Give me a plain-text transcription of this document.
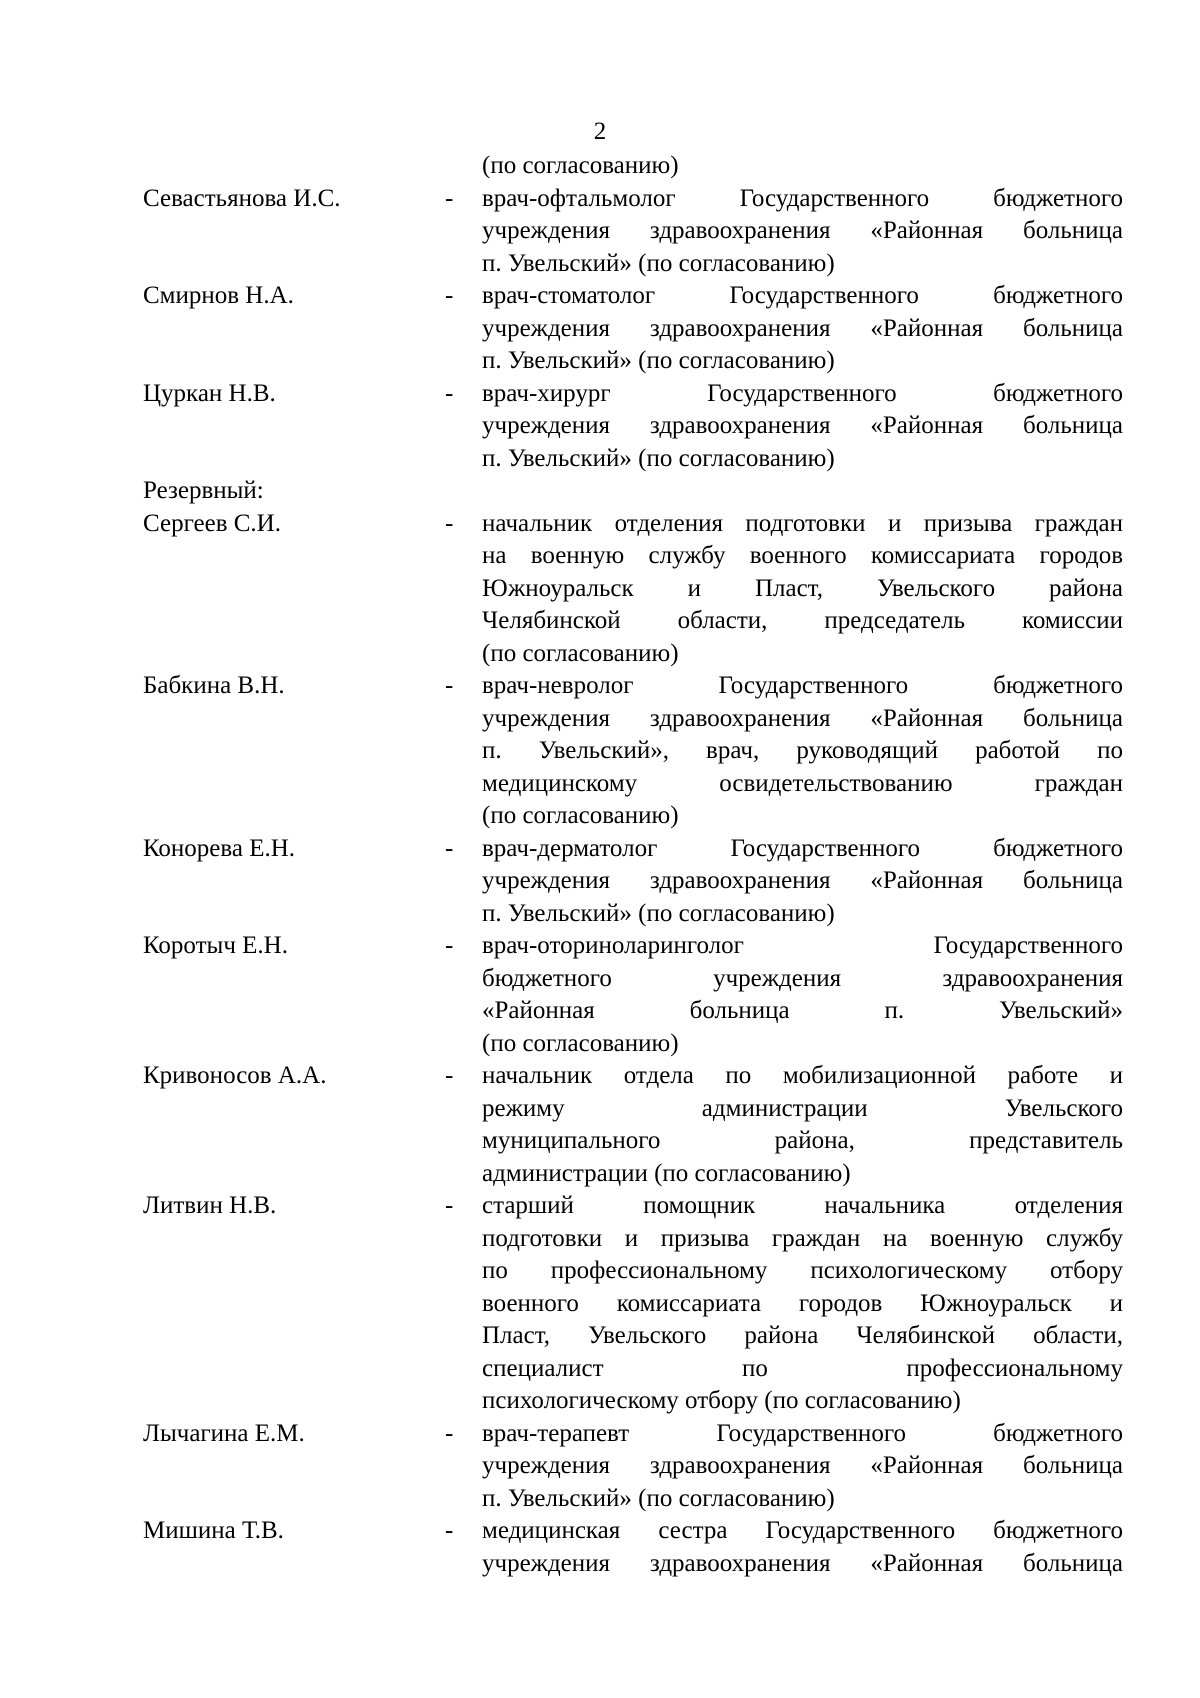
2
(по согласованию)
Севастьянова И.С.	-	врач-офтальмолог Государственного бюджетного
учреждения здравоохранения «Районная больница
п. Увельский» (по согласованию)
Смирнов Н.А.	-	врач-стоматолог Государственного бюджетного
учреждения здравоохранения «Районная больница
п. Увельский» (по согласованию)
Цуркан Н.В.	-	врач-хирург Государственного бюджетного
учреждения здравоохранения «Районная больница
п. Увельский» (по согласованию)
Резервный:
Сергеев С.И.	-	начальник отделения подготовки и призыва граждан
на военную службу военного комиссариата городов
Южноуральск и Пласт, Увельского района
Челябинской области, председатель комиссии
(по согласованию)
Бабкина В.Н.	-	врач-невролог Государственного бюджетного
учреждения здравоохранения «Районная больница
п. Увельский», врач, руководящий работой по
медицинскому освидетельствованию граждан
(по согласованию)
Конорева Е.Н.	-	врач-дерматолог Государственного бюджетного
учреждения здравоохранения «Районная больница
п. Увельский» (по согласованию)
Коротыч Е.Н.	-	врач-оториноларинголог Государственного
бюджетного учреждения здравоохранения
«Районная больница п. Увельский»
(по согласованию)
Кривоносов А.А.	-	начальник отдела по мобилизационной работе и
режиму администрации Увельского
муниципального района, представитель
администрации (по согласованию)
Литвин Н.В.	-	старший помощник начальника отделения
подготовки и призыва граждан на военную службу
по профессиональному психологическому отбору
военного комиссариата городов Южноуральск и
Пласт, Увельского района Челябинской области,
специалист по профессиональному
психологическому отбору (по согласованию)
Лычагина Е.М.	-	врач-терапевт Государственного бюджетного
учреждения здравоохранения «Районная больница
п. Увельский» (по согласованию)
Мишина Т.В.	-	медицинская сестра Государственного бюджетного
учреждения здравоохранения «Районная больница
